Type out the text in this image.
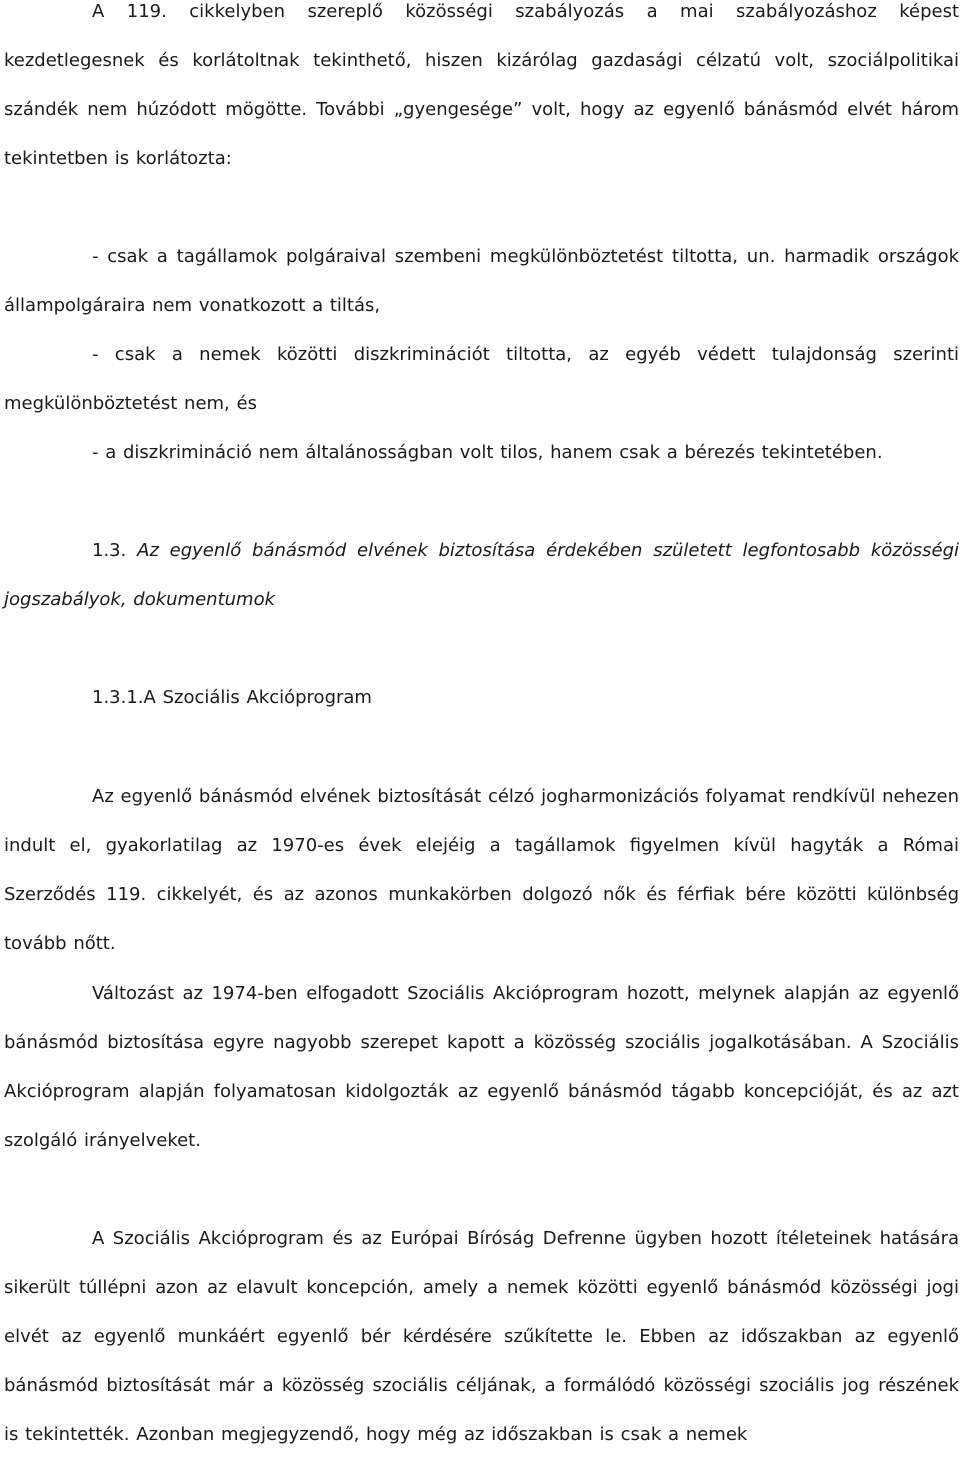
A 119. cikkelyben szereplő közösségi szabályozás a mai szabályozáshoz képest kezdetlegesnek és korlátoltnak tekinthető, hiszen kizárólag gazdasági célzatú volt, szociálpolitikai szándék nem húzódott mögötte. További „gyengesége” volt, hogy az egyenlő bánásmód elvét három tekintetben is korlátozta:

- csak a tagállamok polgáraival szembeni megkülönböztetést tiltotta, un. harmadik országok állampolgáraira nem vonatkozott a tiltás,

- csak a nemek közötti diszkriminációt tiltotta, az egyéb védett tulajdonság szerinti megkülönböztetést nem, és

- a diszkrimináció nem általánosságban volt tilos, hanem csak a bérezés tekintetében.

1.3. Az egyenlő bánásmód elvének biztosítása érdekében született legfontosabb közösségi jogszabályok, dokumentumok

1.3.1.A Szociális Akcióprogram

Az egyenlő bánásmód elvének biztosítását célzó jogharmonizációs folyamat rendkívül nehezen indult el, gyakorlatilag az 1970-es évek elejéig a tagállamok figyelmen kívül hagyták a Római Szerződés 119. cikkelyét, és az azonos munkakörben dolgozó nők és férfiak bére közötti különbség tovább nőtt.

Változást az 1974-ben elfogadott Szociális Akcióprogram hozott, melynek alapján az egyenlő bánásmód biztosítása egyre nagyobb szerepet kapott a közösség szociális jogalkotásában. A Szociális Akcióprogram alapján folyamatosan kidolgozták az egyenlő bánásmód tágabb koncepcióját, és az azt szolgáló irányelveket.

A Szociális Akcióprogram és az Európai Bíróság Defrenne ügyben hozott ítéleteinek hatására sikerült túllépni azon az elavult koncepción, amely a nemek közötti egyenlő bánásmód közösségi jogi elvét az egyenlő munkáért egyenlő bér kérdésére szűkítette le. Ebben az időszakban az egyenlő bánásmód biztosítását már a közösség szociális céljának, a formálódó közösségi szociális jog részének is tekintették. Azonban megjegyzendő, hogy még az időszakban is csak a nemek
